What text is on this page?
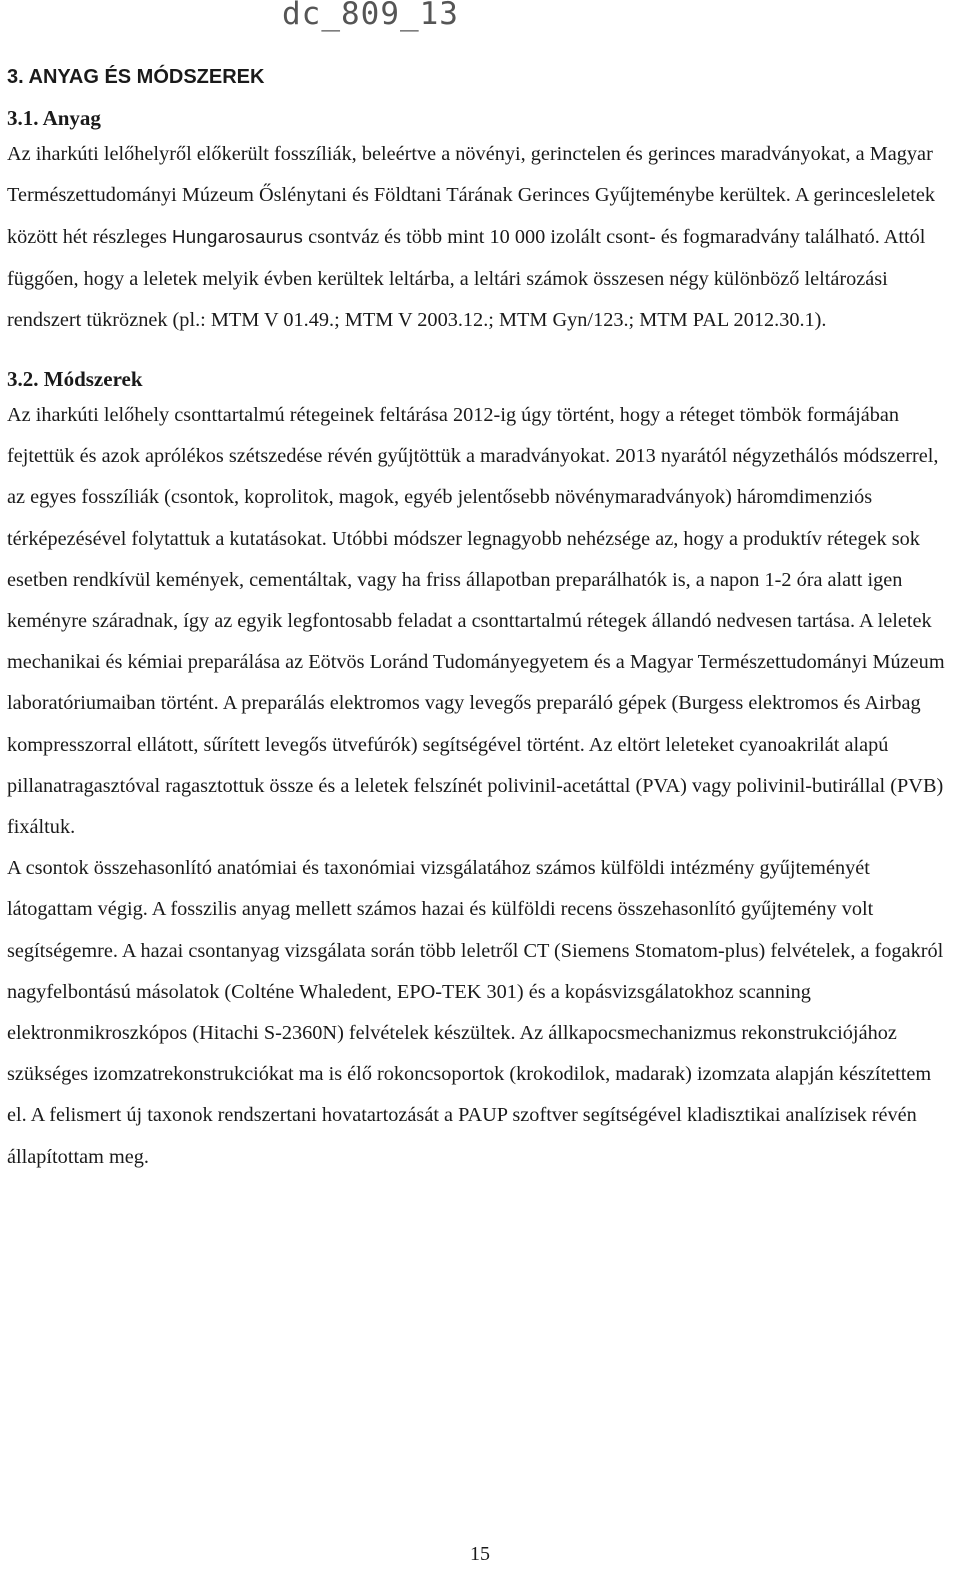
dc_809_13

3. ANYAG ÉS MÓDSZEREK
3.1. Anyag

Az iharkúti lelőhelyről előkerült fosszíliák, beleértve a növényi, gerinctelen és gerinces maradványokat, a Magyar Természettudományi Múzeum Őslénytani és Földtani Tárának Gerinces Gyűjteménybe kerültek. A gerincesleletek között hét részleges Hungarosaurus csontváz és több mint 10 000 izolált csont- és fogmaradvány található. Attól függően, hogy a leletek melyik évben kerültek leltárba, a leltári számok összesen négy különböző leltározási rendszert tükröznek (pl.: MTM V 01.49.; MTM V 2003.12.; MTM Gyn/123.; MTM PAL 2012.30.1).

3.2. Módszerek

Az iharkúti lelőhely csonttartalmú rétegeinek feltárása 2012-ig úgy történt, hogy a réteget tömbök formájában fejtettük és azok aprólékos szétszedése révén gyűjtöttük a maradványokat. 2013 nyarától négyzethálós módszerrel, az egyes fosszíliák (csontok, koprolitok, magok, egyéb jelentősebb növénymaradványok) háromdimenziós térképezésével folytattuk a kutatásokat. Utóbbi módszer legnagyobb nehézsége az, hogy a produktív rétegek sok esetben rendkívül kemények, cementáltak, vagy ha friss állapotban preparálhatók is, a napon 1-2 óra alatt igen keményre száradnak, így az egyik legfontosabb feladat a csonttartalmú rétegek állandó nedvesen tartása. A leletek mechanikai és kémiai preparálása az Eötvös Loránd Tudományegyetem és a Magyar Természettudományi Múzeum laboratóriumaiban történt. A preparálás elektromos vagy levegős preparáló gépek (Burgess elektromos és Airbag kompresszorral ellátott, sűrített levegős ütvefúrók) segítségével történt. Az eltört leleteket cyanoakrilát alapú pillanatragasztóval ragasztottuk össze és a leletek felszínét polivinil-acetáttal (PVA) vagy polivinil-butirállal (PVB) fixáltuk.

A csontok összehasonlító anatómiai és taxonómiai vizsgálatához számos külföldi intézmény gyűjteményét látogattam végig. A fosszilis anyag mellett számos hazai és külföldi recens összehasonlító gyűjtemény volt segítségemre. A hazai csontanyag vizsgálata során több leletről CT (Siemens Stomatom-plus) felvételek, a fogakról nagyfelbontású másolatok (Colténe Whaledent, EPO-TEK 301) és a kopásvizsgálatokhoz scanning elektronmikroszkópos (Hitachi S-2360N) felvételek készültek. Az állkapocsmechanizmus rekonstrukciójához szükséges izomzatrekonstrukciókat ma is élő rokoncsoportok (krokodilok, madarak) izomzata alapján készítettem el. A felismert új taxonok rendszertani hovatartozását a PAUP szoftver segítségével kladisztikai analízisek révén állapítottam meg.

15
